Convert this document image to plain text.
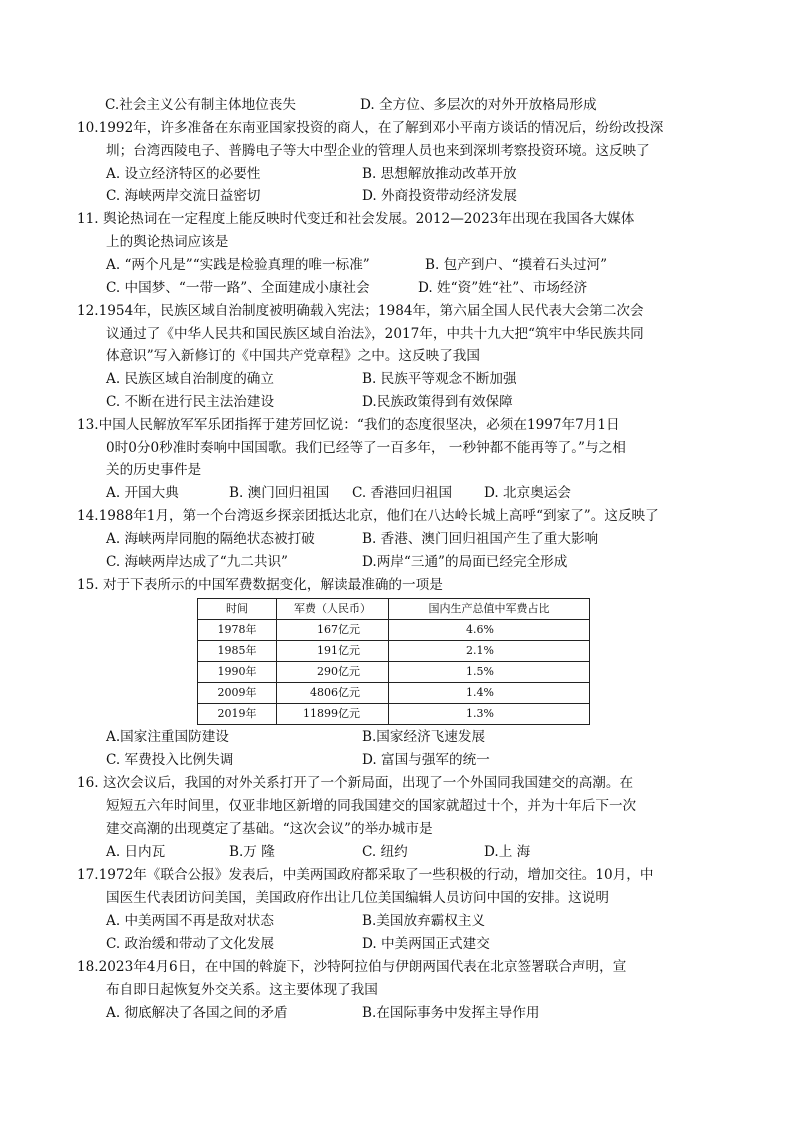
C.社会主义公有制主体地位丧失	D. 全方位、多层次的对外开放格局形成
10.1992年，许多准备在东南亚国家投资的商人，在了解到邓小平南方谈话的情况后，纷纷改投深
圳；台湾西陵电子、普腾电子等大中型企业的管理人员也来到深圳考察投资环境。这反映了
A. 设立经济特区的必要性	B. 思想解放推动改革开放
C. 海峡两岸交流日益密切	D. 外商投资带动经济发展
11. 舆论热词在一定程度上能反映时代变迁和社会发展。2012—2023年出现在我国各大媒体
上的舆论热词应该是
A. “两个凡是”“实践是检验真理的唯一标准”	B. 包产到户、“摸着石头过河”
C. 中国梦、“一带一路”、全面建成小康社会	D. 姓“资”姓“社”、市场经济
12.1954年，民族区域自治制度被明确载入宪法；1984年，第六届全国人民代表大会第二次会
议通过了《中华人民共和国民族区域自治法》，2017年，中共十九大把“筑牢中华民族共同
体意识”写入新修订的《中国共产党章程》之中。这反映了我国
A. 民族区域自治制度的确立	B. 民族平等观念不断加强
C. 不断在进行民主法治建设	D.民族政策得到有效保障
13.中国人民解放军军乐团指挥于建芳回忆说：“我们的态度很坚决，必须在1997年7月1日
0时0分0秒准时奏响中国国歌。我们已经等了一百多年， 一秒钟都不能再等了。”与之相
关的历史事件是
A. 开国大典	B. 澳门回归祖国 C. 香港回归祖国 D. 北京奥运会
14.1988年1月，第一个台湾返乡探亲团抵达北京，他们在八达岭长城上高呼“到家了”。这反映了
A. 海峡两岸同胞的隔绝状态被打破	B. 香港、澳门回归祖国产生了重大影响
C. 海峡两岸达成了“九二共识”	D.两岸“三通”的局面已经完全形成
15. 对于下表所示的中国军费数据变化，解读最准确的一项是
时间	军费（人民币）	国内生产总值中军费占比
1978年	167亿元	4.6%
1985年	191亿元	2.1%
1990年	290亿元	1.5%
2009年	4806亿元	1.4%
2019年	11899亿元	1.3%
A.国家注重国防建设	B.国家经济飞速发展
C. 军费投入比例失调	D. 富国与强军的统一
16. 这次会议后，我国的对外关系打开了一个新局面，出现了一个外国同我国建交的高潮。在
短短五六年时间里，仅亚非地区新增的同我国建交的国家就超过十个，并为十年后下一次
建交高潮的出现奠定了基础。“这次会议”的举办城市是
A. 日内瓦	B.万 隆	C. 纽约	D.上 海
17.1972年《联合公报》发表后，中美两国政府都采取了一些积极的行动，增加交往。10月，中
国医生代表团访问美国，美国政府作出让几位美国编辑人员访问中国的安排。这说明
A. 中美两国不再是敌对状态	B.美国放弃霸权主义
C. 政治缓和带动了文化发展	D. 中美两国正式建交
18.2023年4月6日，在中国的斡旋下，沙特阿拉伯与伊朗两国代表在北京签署联合声明，宣
布自即日起恢复外交关系。这主要体现了我国
A. 彻底解决了各国之间的矛盾	B.在国际事务中发挥主导作用
